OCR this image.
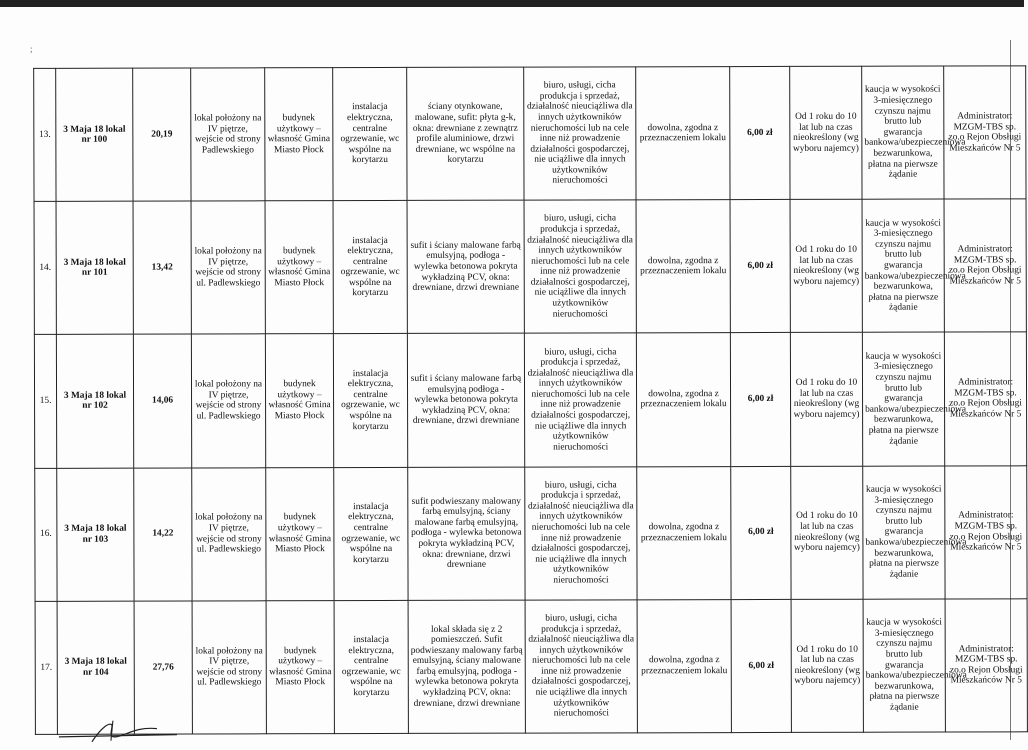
;
13.	3 Maja 18 lokal nr 100	20,19	lokal położony na IV piętrze, wejście od strony Padlewskiego	budynek użytkowy – własność Gmina Miasto Płock	instalacja elektryczna, centralne ogrzewanie, wc wspólne na korytarzu	ściany otynkowane, malowane, sufit: płyta g-k, okna: drewniane z zewnątrz profile aluminiowe, drzwi drewniane, wc wspólne na korytarzu	biuro, usługi, cicha produkcja i sprzedaż, działalność nieuciążliwa dla innych użytkowników nieruchomości lub na cele inne niż prowadzenie działalności gospodarczej, nie uciążliwe dla innych użytkowników nieruchomości	dowolna, zgodna z przeznaczeniem lokalu	6,00 zł	Od 1 roku do 10 lat lub na czas nieokreślony (wg wyboru najemcy)	kaucja w wysokości 3-miesięcznego czynszu najmu brutto lub gwarancja bankowa/ubezpieczeniowa bezwarunkowa, płatna na pierwsze żądanie	Administrator: MZGM-TBS sp. zo.o Rejon Obsługi Mieszkańców Nr 5
14.	3 Maja 18 lokal nr 101	13,42	lokal położony na IV piętrze, wejście od strony ul. Padlewskiego	budynek użytkowy – własność Gmina Miasto Płock	instalacja elektryczna, centralne ogrzewanie, wc wspólne na korytarzu	sufit i ściany malowane farbą emulsyjną, podłoga - wylewka betonowa pokryta wykładziną PCV, okna: drewniane, drzwi drewniane	biuro, usługi, cicha produkcja i sprzedaż, działalność nieuciążliwa dla innych użytkowników nieruchomości lub na cele inne niż prowadzenie działalności gospodarczej, nie uciążliwe dla innych użytkowników nieruchomości	dowolna, zgodna z przeznaczeniem lokalu	6,00 zł	Od 1 roku do 10 lat lub na czas nieokreślony (wg wyboru najemcy)	kaucja w wysokości 3-miesięcznego czynszu najmu brutto lub gwarancja bankowa/ubezpieczeniowa bezwarunkowa, płatna na pierwsze żądanie	Administrator: MZGM-TBS sp. zo.o Rejon Obsługi Mieszkańców Nr 5
15.	3 Maja 18 lokal nr 102	14,06	lokal położony na IV piętrze, wejście od strony ul. Padlewskiego	budynek użytkowy – własność Gmina Miasto Płock	instalacja elektryczna, centralne ogrzewanie, wc wspólne na korytarzu	sufit i ściany malowane farbą emulsyjną podłoga - wylewka betonowa pokryta wykładziną PCV, okna: drewniane, drzwi drewniane	biuro, usługi, cicha produkcja i sprzedaż, działalność nieuciążliwa dla innych użytkowników nieruchomości lub na cele inne niż prowadzenie działalności gospodarczej, nie uciążliwe dla innych użytkowników nieruchomości	dowolna, zgodna z przeznaczeniem lokalu	6,00 zł	Od 1 roku do 10 lat lub na czas nieokreślony (wg wyboru najemcy)	kaucja w wysokości 3-miesięcznego czynszu najmu brutto lub gwarancja bankowa/ubezpieczeniowa bezwarunkowa, płatna na pierwsze żądanie	Administrator: MZGM-TBS sp. zo.o Rejon Obsługi Mieszkańców Nr 5
16.	3 Maja 18 lokal nr 103	14,22	lokal położony na IV piętrze, wejście od strony ul. Padlewskiego	budynek użytkowy – własność Gmina Miasto Płock	instalacja elektryczna, centralne ogrzewanie, wc wspólne na korytarzu	sufit podwieszany malowany farbą emulsyjną, ściany malowane farbą emulsyjną, podłoga - wylewka betonowa pokryta wykładziną PCV, okna: drewniane, drzwi drewniane	biuro, usługi, cicha produkcja i sprzedaż, działalność nieuciążliwa dla innych użytkowników nieruchomości lub na cele inne niż prowadzenie działalności gospodarczej, nie uciążliwe dla innych użytkowników nieruchomości	dowolna, zgodna z przeznaczeniem lokalu	6,00 zł	Od 1 roku do 10 lat lub na czas nieokreślony (wg wyboru najemcy)	kaucja w wysokości 3-miesięcznego czynszu najmu brutto lub gwarancja bankowa/ubezpieczeniowa bezwarunkowa, płatna na pierwsze żądanie	Administrator: MZGM-TBS sp. zo.o Rejon Obsługi Mieszkańców Nr 5
17.	3 Maja 18 lokal nr 104	27,76	lokal położony na IV piętrze, wejście od strony ul. Padlewskiego	budynek użytkowy – własność Gmina Miasto Płock	instalacja elektryczna, centralne ogrzewanie, wc wspólne na korytarzu	lokal składa się z 2 pomieszczeń. Sufit podwieszany malowany farbą emulsyjną, ściany malowane farbą emulsyjną, podłoga - wylewka betonowa pokryta wykładziną PCV, okna: drewniane, drzwi drewniane	biuro, usługi, cicha produkcja i sprzedaż, działalność nieuciążliwa dla innych użytkowników nieruchomości lub na cele inne niż prowadzenie działalności gospodarczej, nie uciążliwe dla innych użytkowników nieruchomości	dowolna, zgodna z przeznaczeniem lokalu	6,00 zł	Od 1 roku do 10 lat lub na czas nieokreślony (wg wyboru najemcy)	kaucja w wysokości 3-miesięcznego czynszu najmu brutto lub gwarancja bankowa/ubezpieczeniowa bezwarunkowa, płatna na pierwsze żądanie	Administrator: MZGM-TBS sp. zo.o Rejon Obsługi Mieszkańców Nr 5
